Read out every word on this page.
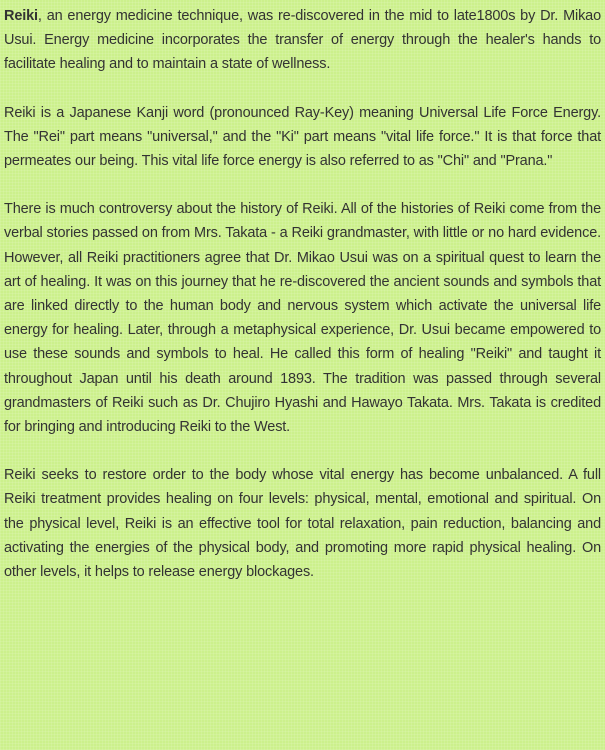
Reiki, an energy medicine technique, was re-discovered in the mid to late1800s by Dr. Mikao Usui. Energy medicine incorporates the transfer of energy through the healer's hands to facilitate healing and to maintain a state of wellness.

Reiki is a Japanese Kanji word (pronounced Ray-Key) meaning Universal Life Force Energy. The "Rei" part means "universal," and the "Ki" part means "vital life force." It is that force that permeates our being. This vital life force energy is also referred to as "Chi" and "Prana."

There is much controversy about the history of Reiki. All of the histories of Reiki come from the verbal stories passed on from Mrs. Takata - a Reiki grandmaster, with little or no hard evidence. However, all Reiki practitioners agree that Dr. Mikao Usui was on a spiritual quest to learn the art of healing. It was on this journey that he re-discovered the ancient sounds and symbols that are linked directly to the human body and nervous system which activate the universal life energy for healing. Later, through a metaphysical experience, Dr. Usui became empowered to use these sounds and symbols to heal. He called this form of healing "Reiki" and taught it throughout Japan until his death around 1893. The tradition was passed through several grandmasters of Reiki such as Dr. Chujiro Hyashi and Hawayo Takata. Mrs. Takata is credited for bringing and introducing Reiki to the West.

Reiki seeks to restore order to the body whose vital energy has become unbalanced. A full Reiki treatment provides healing on four levels: physical, mental, emotional and spiritual. On the physical level, Reiki is an effective tool for total relaxation, pain reduction, balancing and activating the energies of the physical body, and promoting more rapid physical healing. On other levels, it helps to release energy blockages.
